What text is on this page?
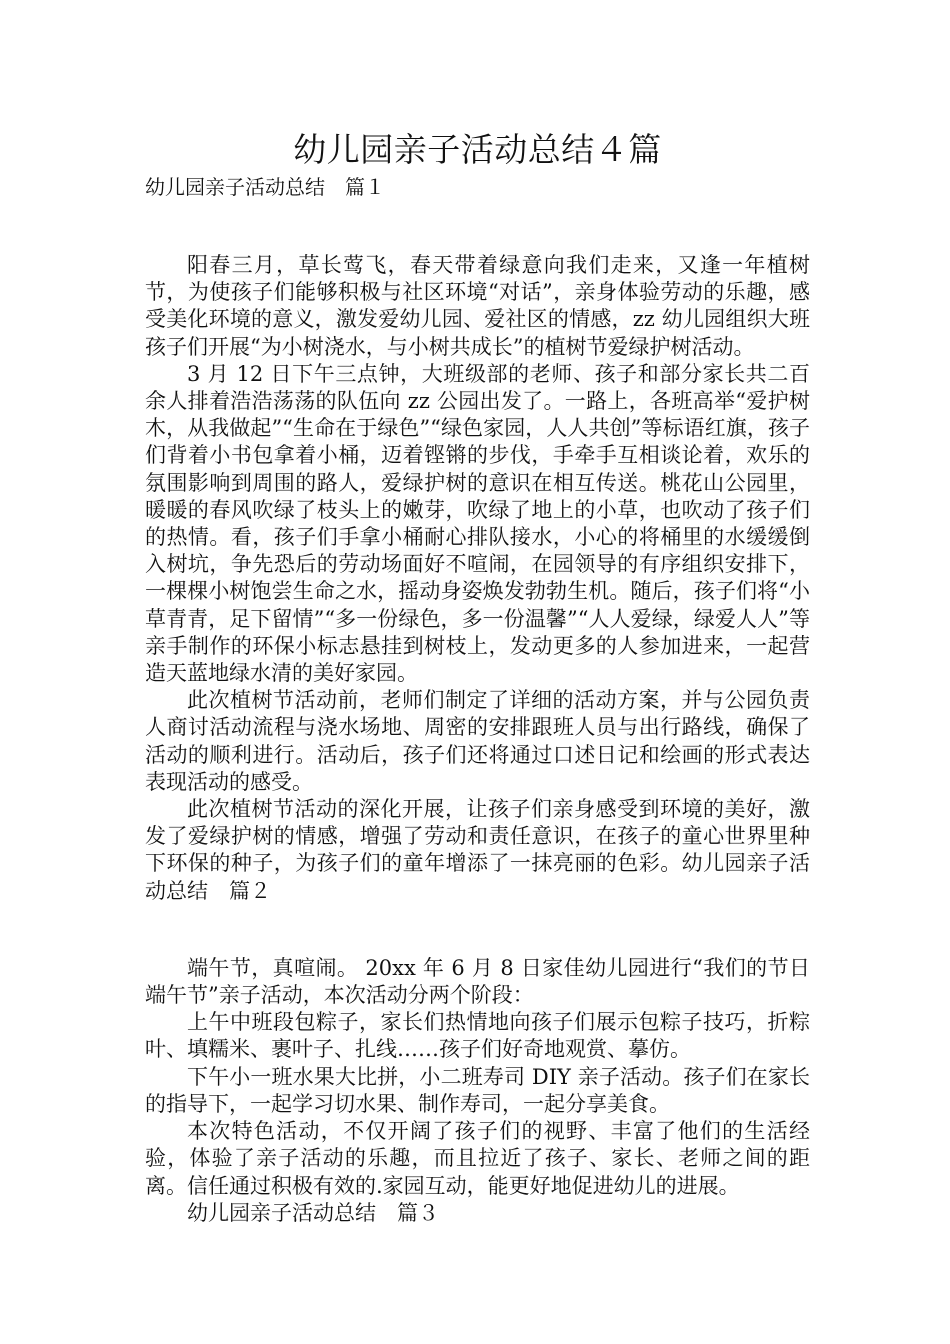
幼儿园亲子活动总结４篇
幼儿园亲子活动总结　篇１

阳春三月，草长莺飞，春天带着绿意向我们走来，又逢一年植树节，为使孩子们能够积极与社区环境“对话”，亲身体验劳动的乐趣，感受美化环境的意义，激发爱幼儿园、爱社区的情感，zz 幼儿园组织大班孩子们开展“为小树浇水，与小树共成长”的植树节爱绿护树活动。

3 月 12 日下午三点钟，大班级部的老师、孩子和部分家长共二百余人排着浩浩荡荡的队伍向 zz 公园出发了。一路上，各班高举“爱护树木，从我做起”“生命在于绿色”“绿色家园，人人共创”等标语红旗，孩子们背着小书包拿着小桶，迈着铿锵的步伐，手牵手互相谈论着，欢乐的氛围影响到周围的路人，爱绿护树的意识在相互传送。桃花山公园里，暖暖的春风吹绿了枝头上的嫩芽，吹绿了地上的小草，也吹动了孩子们的热情。看，孩子们手拿小桶耐心排队接水，小心的将桶里的水缓缓倒入树坑，争先恐后的劳动场面好不喧闹，在园领导的有序组织安排下，一棵棵小树饱尝生命之水，摇动身姿焕发勃勃生机。随后，孩子们将“小草青青，足下留情”“多一份绿色，多一份温馨”“人人爱绿，绿爱人人”等亲手制作的环保小标志悬挂到树枝上，发动更多的人参加进来，一起营造天蓝地绿水清的美好家园。

此次植树节活动前，老师们制定了详细的活动方案，并与公园负责人商讨活动流程与浇水场地、周密的安排跟班人员与出行路线，确保了活动的顺利进行。活动后，孩子们还将通过口述日记和绘画的形式表达表现活动的感受。

此次植树节活动的深化开展，让孩子们亲身感受到环境的美好，激发了爱绿护树的情感，增强了劳动和责任意识，在孩子的童心世界里种下环保的种子，为孩子们的童年增添了一抹亮丽的色彩。幼儿园亲子活动总结　篇２

端午节，真喧闹。 20xx 年 6 月 8 日家佳幼儿园进行“我们的节日端午节”亲子活动，本次活动分两个阶段：

上午中班段包粽子，家长们热情地向孩子们展示包粽子技巧，折粽叶、填糯米、裹叶子、扎线……孩子们好奇地观赏、摹仿。

下午小一班水果大比拼，小二班寿司 DIY 亲子活动。孩子们在家长的指导下，一起学习切水果、制作寿司，一起分享美食。

本次特色活动，不仅开阔了孩子们的视野、丰富了他们的生活经验，体验了亲子活动的乐趣，而且拉近了孩子、家长、老师之间的距离。信任通过积极有效的.家园互动，能更好地促进幼儿的进展。

幼儿园亲子活动总结　篇３
